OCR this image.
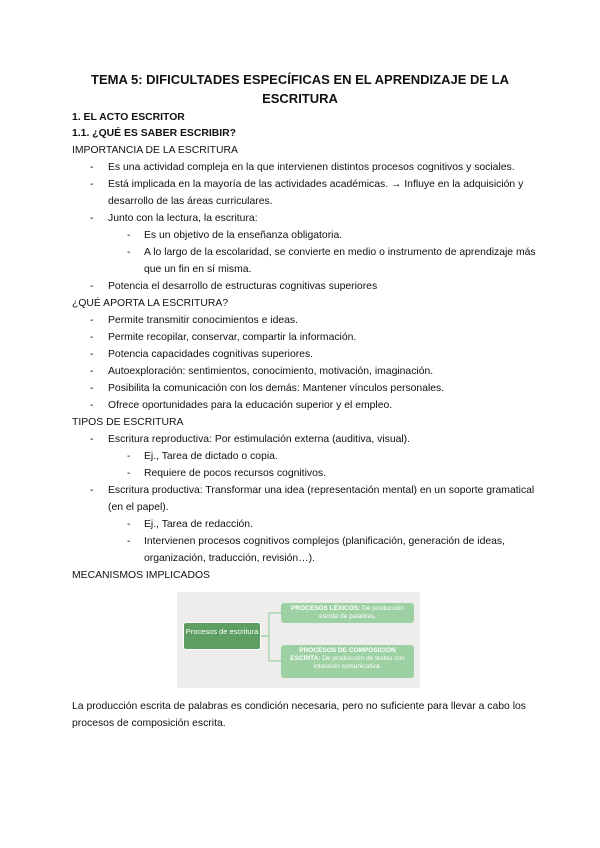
TEMA 5: DIFICULTADES ESPECÍFICAS EN EL APRENDIZAJE DE LA ESCRITURA

1. EL ACTO ESCRITOR

1.1. ¿QUÉ ES SABER ESCRIBIR?

IMPORTANCIA DE LA ESCRITURA

- Es una actividad compleja en la que intervienen distintos procesos cognitivos y sociales.
- Está implicada en la mayoría de las actividades académicas. → Influye en la adquisición y desarrollo de las áreas curriculares.
- Junto con la lectura, la escritura:
- Es un objetivo de la enseñanza obligatoria.
- A lo largo de la escolaridad, se convierte en medio o instrumento de aprendizaje más que un fin en sí misma.
- Potencia el desarrollo de estructuras cognitivas superiores

¿QUÉ APORTA LA ESCRITURA?

- Permite transmitir conocimientos e ideas.
- Permite recopilar, conservar, compartir la información.
- Potencia capacidades cognitivas superiores.
- Autoexploración: sentimientos, conocimiento, motivación, imaginación.
- Posibilita la comunicación con los demás: Mantener vínculos personales.
- Ofrece oportunidades para la educación superior y el empleo.

TIPOS DE ESCRITURA

- Escritura reproductiva: Por estimulación externa (auditiva, visual).
- Ej., Tarea de dictado o copia.
- Requiere de pocos recursos cognitivos.
- Escritura productiva: Transformar una idea (representación mental) en un soporte gramatical (en el papel).
- Ej., Tarea de redacción.
- Intervienen procesos cognitivos complejos (planificación, generación de ideas, organización, traducción, revisión…).

MECANISMOS IMPLICADOS

Procesos de escritura
PROCESOS LÉXICOS: De producción escrita de palabras.
PROCESOS DE COMPOSICIÓN ESCRITA: De producción de textos con intención comunicativa.

La producción escrita de palabras es condición necesaria, pero no suficiente para llevar a cabo los procesos de composición escrita.
